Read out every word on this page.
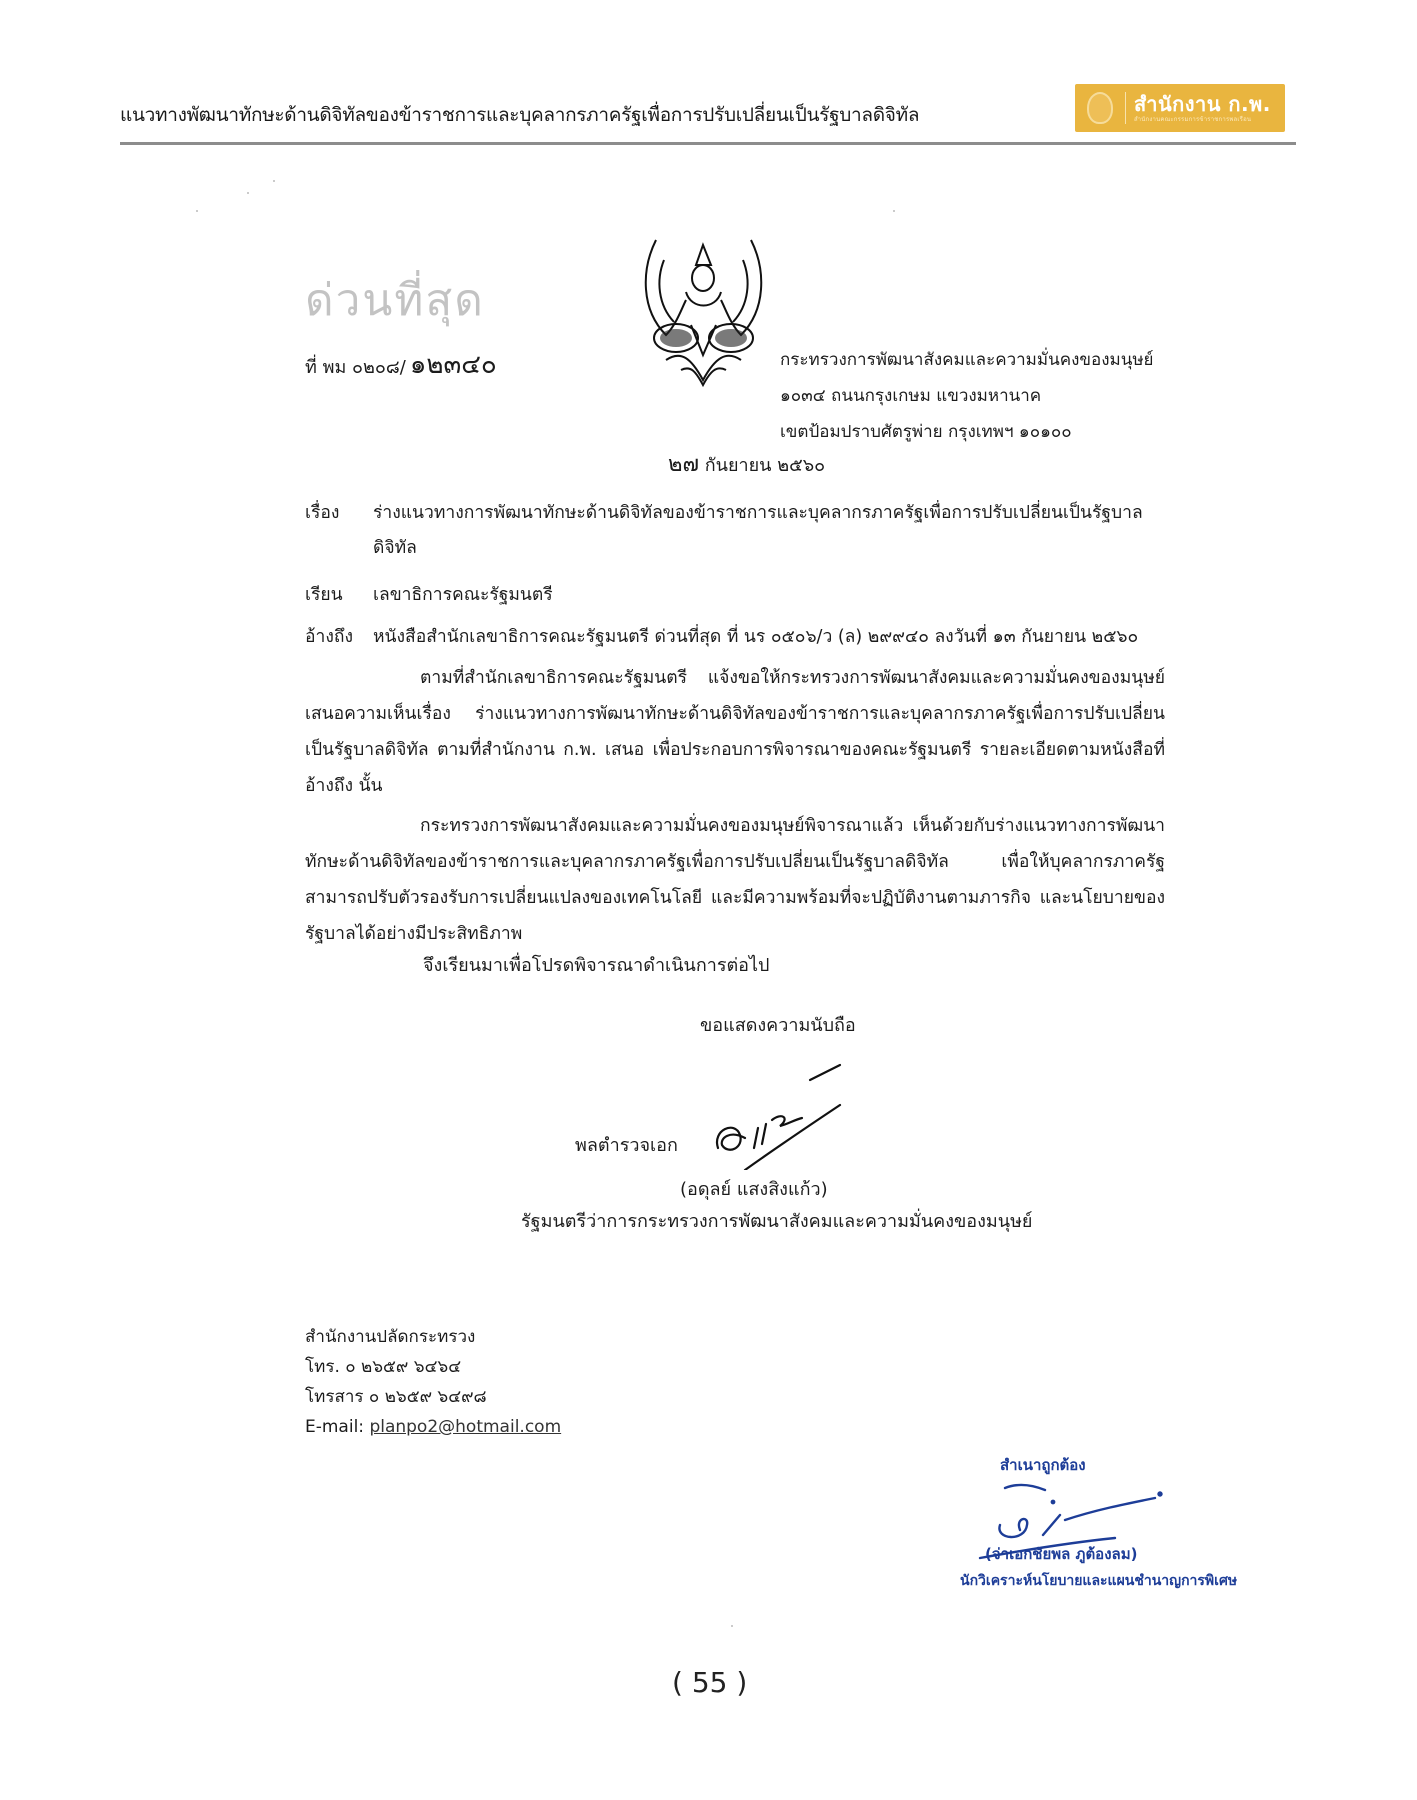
แนวทางพัฒนาทักษะด้านดิจิทัลของข้าราชการและบุคลากรภาครัฐเพื่อการปรับเปลี่ยนเป็นรัฐบาลดิจิทัล	สำนักงาน ก.พ.
สำนักงานคณะกรรมการข้าราชการพลเรือน
ด่วนที่สุด
ที่ พม ๐๒๐๘/ ๑๒๓๔๐	กระทรวงการพัฒนาสังคมและความมั่นคงของมนุษย์
๑๐๓๔ ถนนกรุงเกษม แขวงมหานาค
เขตป้อมปราบศัตรูพ่าย กรุงเทพฯ ๑๐๑๐๐
๒๗ กันยายน ๒๕๖๐
เรื่อง ร่างแนวทางการพัฒนาทักษะด้านดิจิทัลของข้าราชการและบุคลากรภาครัฐเพื่อการปรับเปลี่ยนเป็นรัฐบาลดิจิทัล
เรียน เลขาธิการคณะรัฐมนตรี
อ้างถึง หนังสือสำนักเลขาธิการคณะรัฐมนตรี ด่วนที่สุด ที่ นร ๐๕๐๖/ว (ล) ๒๙๙๔๐ ลงวันที่ ๑๓ กันยายน ๒๕๖๐
ตามที่สำนักเลขาธิการคณะรัฐมนตรี แจ้งขอให้กระทรวงการพัฒนาสังคมและความมั่นคงของมนุษย์เสนอความเห็นเรื่อง ร่างแนวทางการพัฒนาทักษะด้านดิจิทัลของข้าราชการและบุคลากรภาครัฐเพื่อการปรับเปลี่ยนเป็นรัฐบาลดิจิทัล ตามที่สำนักงาน ก.พ. เสนอ เพื่อประกอบการพิจารณาของคณะรัฐมนตรี รายละเอียดตามหนังสือที่อ้างถึง นั้น
กระทรวงการพัฒนาสังคมและความมั่นคงของมนุษย์พิจารณาแล้ว เห็นด้วยกับร่างแนวทางการพัฒนาทักษะด้านดิจิทัลของข้าราชการและบุคลากรภาครัฐเพื่อการปรับเปลี่ยนเป็นรัฐบาลดิจิทัล เพื่อให้บุคลากรภาครัฐสามารถปรับตัวรองรับการเปลี่ยนแปลงของเทคโนโลยี และมีความพร้อมที่จะปฏิบัติงานตามภารกิจ และนโยบายของรัฐบาลได้อย่างมีประสิทธิภาพ
จึงเรียนมาเพื่อโปรดพิจารณาดำเนินการต่อไป
ขอแสดงความนับถือ
พลตำรวจเอก
(อดุลย์ แสงสิงแก้ว)
รัฐมนตรีว่าการกระทรวงการพัฒนาสังคมและความมั่นคงของมนุษย์
สำนักงานปลัดกระทรวง
โทร. ๐ ๒๖๕๙ ๖๔๖๔
โทรสาร ๐ ๒๖๕๙ ๖๔๙๘
E-mail: planpo2@hotmail.com
สำเนาถูกต้อง
(จ่าเอกชัยพล ภูต้องลม)
นักวิเคราะห์นโยบายและแผนชำนาญการพิเศษ
( 55 )
